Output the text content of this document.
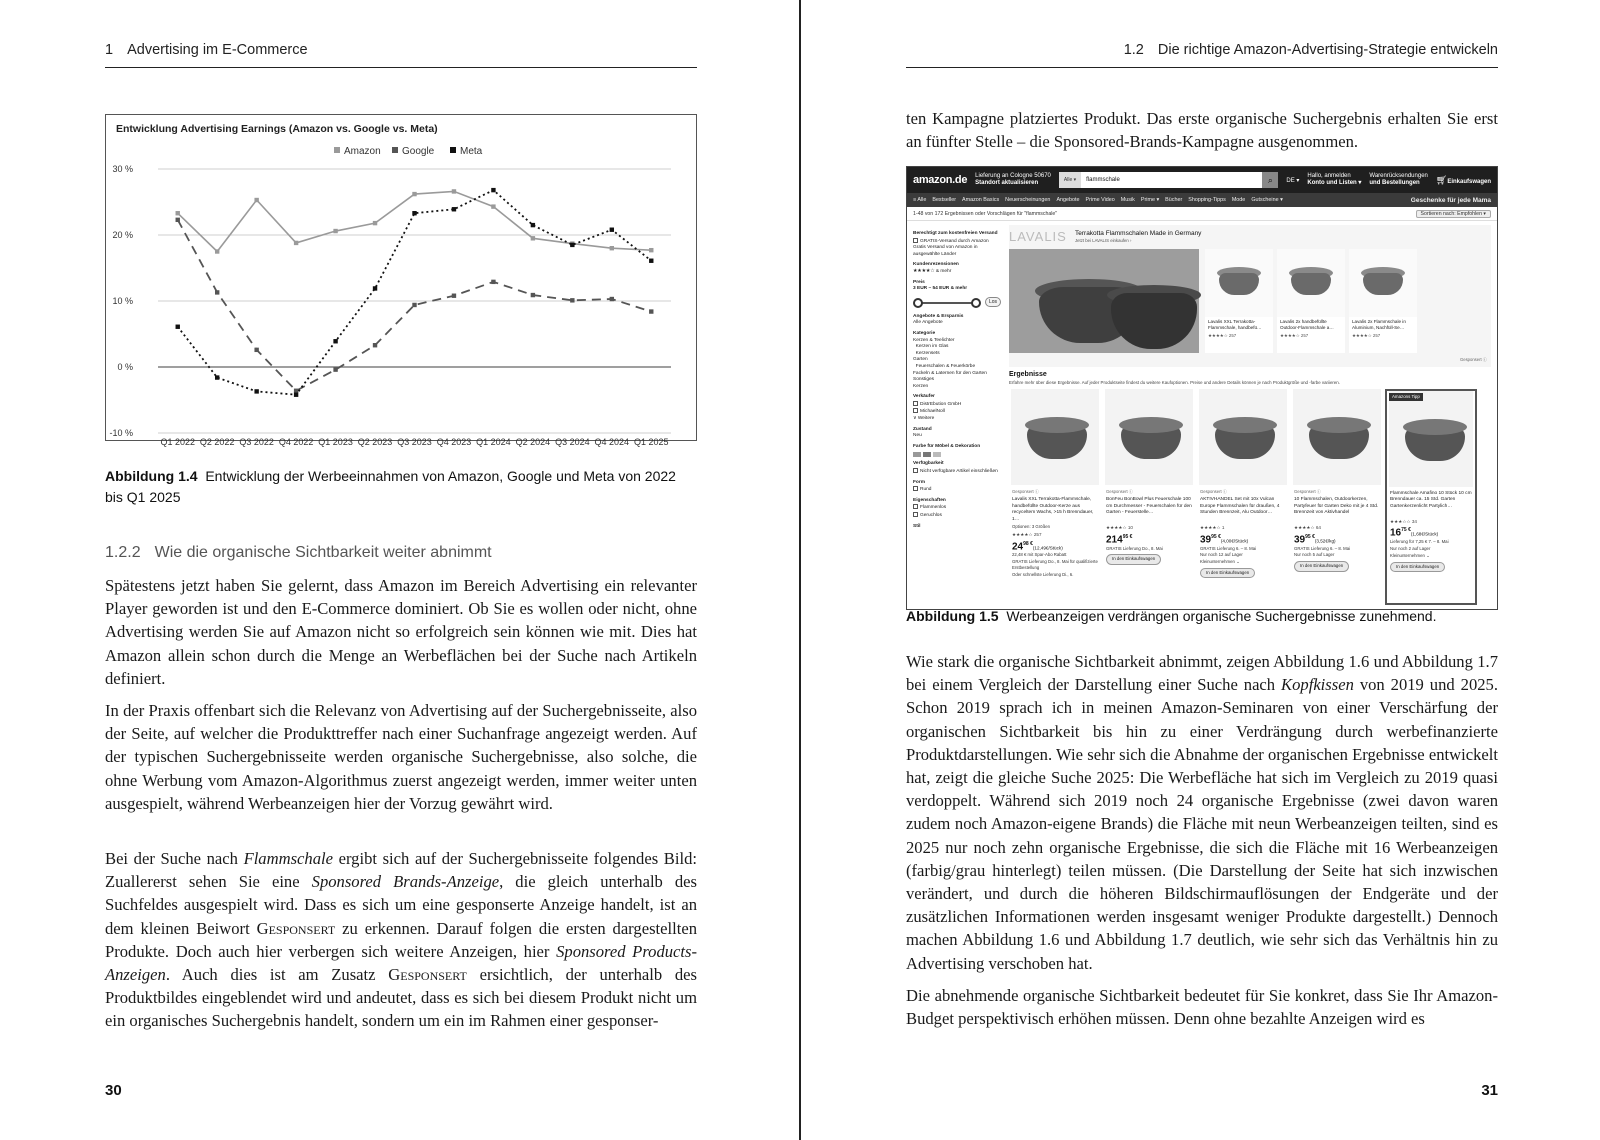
1 Advertising im E-Commerce
Entwicklung Advertising Earnings (Amazon vs. Google vs. Meta)
Amazon Google	Meta
30 %
20 %
10 %
0 %
-10 %
Q1 2022 Q2 2022 Q3 2022 Q4 2022 Q1 2023 Q2 2023 Q3 2023 Q4 2023 Q1 2024 Q2 2024 Q3 2024 Q4 2024 Q1 2025
Abbildung 1.4 Entwicklung der Werbeeinnahmen von Amazon, Google und Meta von 2022
bis Q1 2025
1.2.2 Wie die organische Sichtbarkeit weiter abnimmt

Spätestens jetzt haben Sie gelernt, dass Amazon im Bereich Advertising ein relevanter Player geworden ist und den E-Commerce dominiert. Ob Sie es wollen oder nicht, ohne Advertising werden Sie auf Amazon nicht so erfolgreich sein können wie mit. Dies hat Amazon allein schon durch die Menge an Werbeflächen bei der Suche nach Artikeln definiert.

In der Praxis offenbart sich die Relevanz von Advertising auf der Suchergebnisseite, also der Seite, auf welcher die Produkttreffer nach einer Suchanfrage angezeigt werden. Auf der typischen Suchergebnisseite werden organische Suchergebnisse, also solche, die ohne Werbung vom Amazon-Algorithmus zuerst angezeigt werden, immer weiter unten ausgespielt, während Werbeanzeigen hier der Vorzug gewährt wird.

Bei der Suche nach Flammschale ergibt sich auf der Suchergebnisseite folgendes Bild: Zuallererst sehen Sie eine Sponsored Brands-Anzeige, die gleich unterhalb des Suchfeldes ausgespielt wird. Dass es sich um eine gesponserte Anzeige handelt, ist an dem kleinen Beiwort Gesponsert zu erkennen. Darauf folgen die ersten dargestellten Produkte. Doch auch hier verbergen sich weitere Anzeigen, hier Sponsored Products-Anzeigen. Auch dies ist am Zusatz Gesponsert ersichtlich, der unterhalb des Produktbildes eingeblendet wird und andeutet, dass es sich bei diesem Produkt nicht um ein organisches Suchergebnis handelt, sondern um ein im Rahmen einer gesponser-

30
1.2 Die richtige Amazon-Advertising-Strategie entwickeln

ten Kampagne platziertes Produkt. Das erste organische Suchergebnis erhalten Sie erst an fünfter Stelle – die Sponsored-Brands-Kampagne ausgenommen.

amazon.de Lieferung an Cologne 50670
Standort aktualisieren	Alle ▾	flammschale	⌕	DE ▾
Hallo, anmelden
Konto und Listen ▾
Warenrücksendungen
und Bestellungen	🛒︎Einkaufswagen
≡ Alle Bestseller Amazon Basics Neuerscheinungen Angebote Prime Video Musik Prime ▾ Bücher Shopping-Tipps Mode Gutscheine ▾	Geschenke für jede Mama
1-48 von 172 Ergebnissen oder Vorschlägen für "flammschale"	Sortieren nach: Empfohlen ▾
Berechtigt zum kostenfreien Versand
GRATIS-Versand durch Amazon
Gratis Versand von Amazon in ausgewählte Länder
Kundenrezensionen
★★★★☆ & mehr
Preis
3 EUR – 54 EUR & mehr
Los
Angebote & Ersparnis
Alle Angebote
Kategorie
Kerzen & Teelichter
Kerzen im Glas
Kerzensets
Garten
Feuerschalen & Feuerkörbe
Fackeln & Laternen für den Garten
Sonstiges
Kerzen
Verkäufer
DistrEbution GmbH
MichaelNoll
∨ Weitere
Zustand
Neu
Farbe für Möbel & Dekoration
Verfügbarkeit
Nicht verfügbare Artikel einschließen
Form
Rund
Eigenschaften
Flammenlos
Geruchlos
Stil
LAVALIS Terrakotta Flammschalen Made in Germany
Jetzt bei LAVALIS einkaufen ›
Lavalis XXL Terrakotta-Flammschale, handbefü…
★★★★☆ 257
Lavalis 2x handbefüllte Outdoor-Flammschale a…
★★★★☆ 257
Lavalis 2x Flammschale in Aluminium, Nachfüll-Se…
★★★★☆ 257
Gesponsert ⓘ
Ergebnisse
Erfahre mehr über diese Ergebnisse. Auf jeder Produktseite findest du weitere Kaufoptionen. Preise und andere Details können je nach Produktgröße und -farbe variieren.
Gesponsert ⓘ
Lavalis XXL Terrakotta-Flammschale, handbefüllte Outdoor-Kerze aus recyceltem Wachs, >15 h Brenndauer, 1…
Optionen: 3 Größen
★★★★☆ 257
$24^{98 €}(12,49€/Stück)$
22,48 € mit Spar-Abo Rabatt
GRATIS Lieferung Do., 8. Mai für qualifizierte Erstbestellung
Oder schnellste Lieferung Di., 6.
Gesponsert ⓘ
BonFeu BonBowl Plus Feuerschale 100 cm Durchmesser - Feuerschalen für den Garten - Feuerstelle…
★★★★☆ 10
$214^{95 €}$
GRATIS Lieferung Do., 8. Mai
In den Einkaufswagen
Gesponsert ⓘ
AKTIVHANDEL Set mit 10x Vulcan Europe Flammschalen für draußen, 4 Stunden Brennzeit, Alu Outdoor…
★★★★☆ 1
$39^{95 €}(4,00€/Stück)$
GRATIS Lieferung 6. – 8. Mai
Nur noch 12 auf Lager
Kleinunternehmen ⌄
In den Einkaufswagen
Gesponsert ⓘ
10 Flammschalen, Outdoorkerzen, Partyfeuer für Garten Deko mit je 4 Std. Brennzeit von Aktivhandel
★★★★☆ 64
$39^{95 €}(3,52€/kg)$
GRATIS Lieferung 6. – 8. Mai
Nur noch 5 auf Lager
In den Einkaufswagen
Amazons Tipp
Flammschale Amafino 10 Stück 10 cm Brenndauer ca. 15 Std. Garten Gartenkerzenlicht Partylich…
★★★☆☆ 34
$16^{75 €}(1,68€/Stück)$
Lieferung für 7,25 € 7. – 8. Mai
Nur noch 2 auf Lager
Kleinunternehmen ⌄
In den Einkaufswagen
Abbildung 1.5 Werbeanzeigen verdrängen organische Suchergebnisse zunehmend.

Wie stark die organische Sichtbarkeit abnimmt, zeigen Abbildung 1.6 und Abbildung 1.7 bei einem Vergleich der Darstellung einer Suche nach Kopfkissen von 2019 und 2025. Schon 2019 sprach ich in meinen Amazon-Seminaren von einer Verschärfung der organischen Sichtbarkeit bis hin zu einer Verdrängung durch werbefinanzierte Produktdarstellungen. Wie sehr sich die Abnahme der organischen Ergebnisse entwickelt hat, zeigt die gleiche Suche 2025: Die Werbefläche hat sich im Vergleich zu 2019 quasi verdoppelt. Während sich 2019 noch 24 organische Ergebnisse (zwei davon waren zudem noch Amazon-eigene Brands) die Fläche mit neun Werbeanzeigen teilten, sind es 2025 nur noch zehn organische Ergebnisse, die sich die Fläche mit 16 Werbeanzeigen (farbig/grau hinterlegt) teilen müssen. (Die Darstellung der Seite hat sich inzwischen verändert, und durch die höheren Bildschirmauflösungen der Endgeräte und der zusätzlichen Informationen werden insgesamt weniger Produkte dargestellt.) Dennoch machen Abbildung 1.6 und Abbildung 1.7 deutlich, wie sehr sich das Verhältnis hin zu Advertising verschoben hat.

Die abnehmende organische Sichtbarkeit bedeutet für Sie konkret, dass Sie Ihr Amazon-Budget perspektivisch erhöhen müssen. Denn ohne bezahlte Anzeigen wird es

31
